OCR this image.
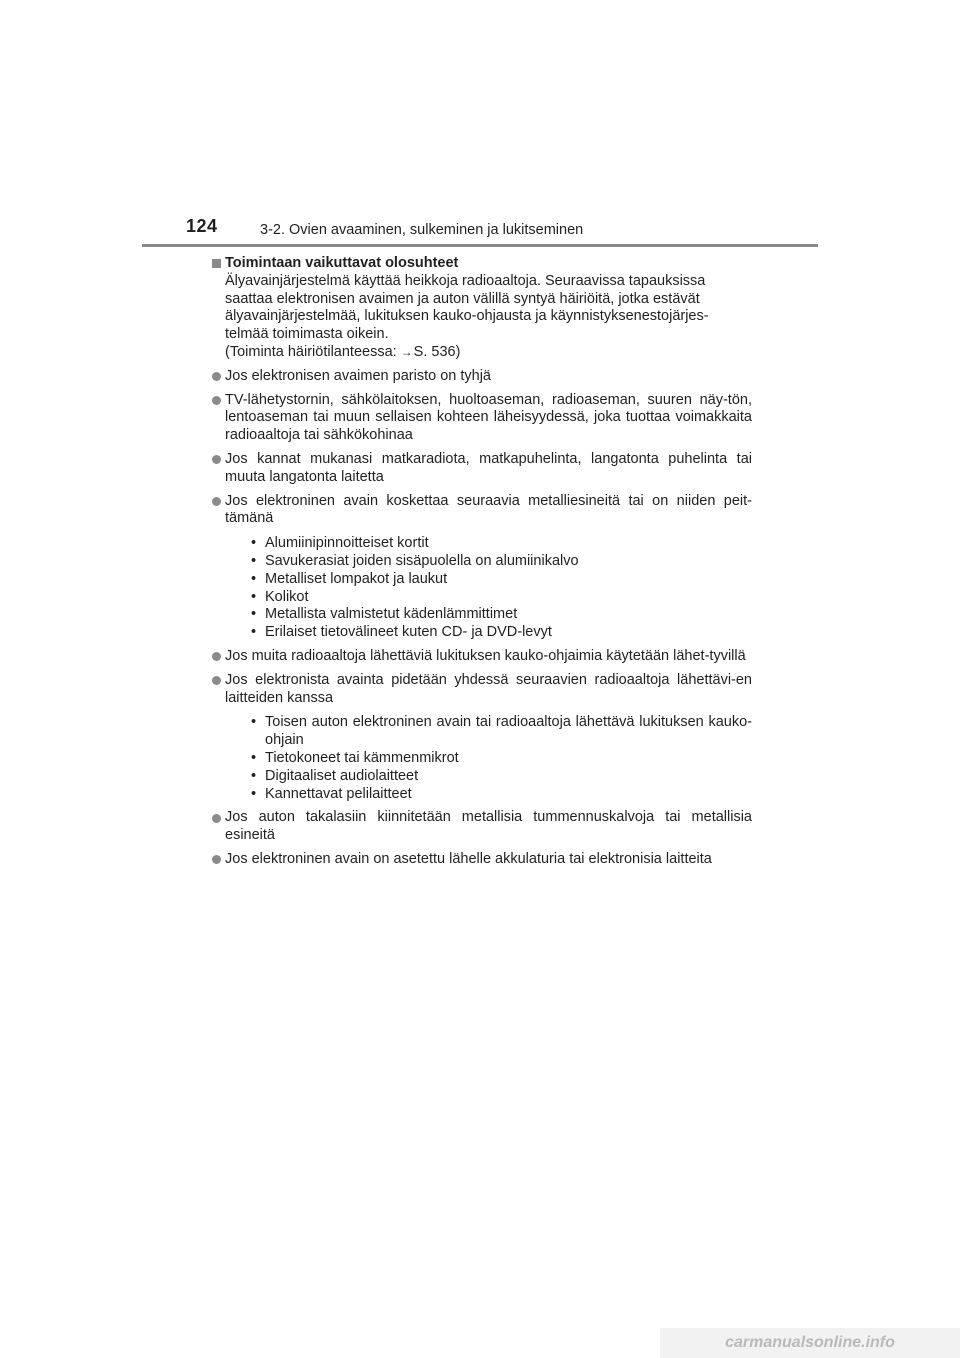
124	3-2. Ovien avaaminen, sulkeminen ja lukitseminen
Toimintaan vaikuttavat olosuhteet
Älyavainjärjestelmä käyttää heikkoja radioaaltoja. Seuraavissa tapauksissa
saattaa elektronisen avaimen ja auton välillä syntyä häiriöitä, jotka estävät
älyavainjärjestelmää, lukituksen kauko-ohjausta ja käynnistyksenestojärjes-
telmää toimimasta oikein.
(Toiminta häiriötilanteessa: → S. 536)
Jos elektronisen avaimen paristo on tyhjä
TV-lähetystornin, sähkölaitoksen, huoltoaseman, radioaseman, suuren näy-tön, lentoaseman tai muun sellaisen kohteen läheisyydessä, joka tuottaa voimakkaita radioaaltoja tai sähkökohinaa
Jos kannat mukanasi matkaradiota, matkapuhelinta, langatonta puhelinta tai muuta langatonta laitetta
Jos elektroninen avain koskettaa seuraavia metalliesineitä tai on niiden peit-tämänä
• Alumiinipinnoitteiset kortit
• Savukerasiat joiden sisäpuolella on alumiinikalvo
• Metalliset lompakot ja laukut
• Kolikot
• Metallista valmistetut kädenlämmittimet
• Erilaiset tietovälineet kuten CD- ja DVD-levyt
Jos muita radioaaltoja lähettäviä lukituksen kauko-ohjaimia käytetään lähet-tyvillä
Jos elektronista avainta pidetään yhdessä seuraavien radioaaltoja lähettävi-en laitteiden kanssa
• Toisen auton elektroninen avain tai radioaaltoja lähettävä lukituksen kauko-ohjain
• Tietokoneet tai kämmenmikrot
• Digitaaliset audiolaitteet
• Kannettavat pelilaitteet
Jos auton takalasiin kiinnitetään metallisia tummennuskalvoja tai metallisia esineitä
Jos elektroninen avain on asetettu lähelle akkulaturia tai elektronisia laitteita
carmanualsonline.info
